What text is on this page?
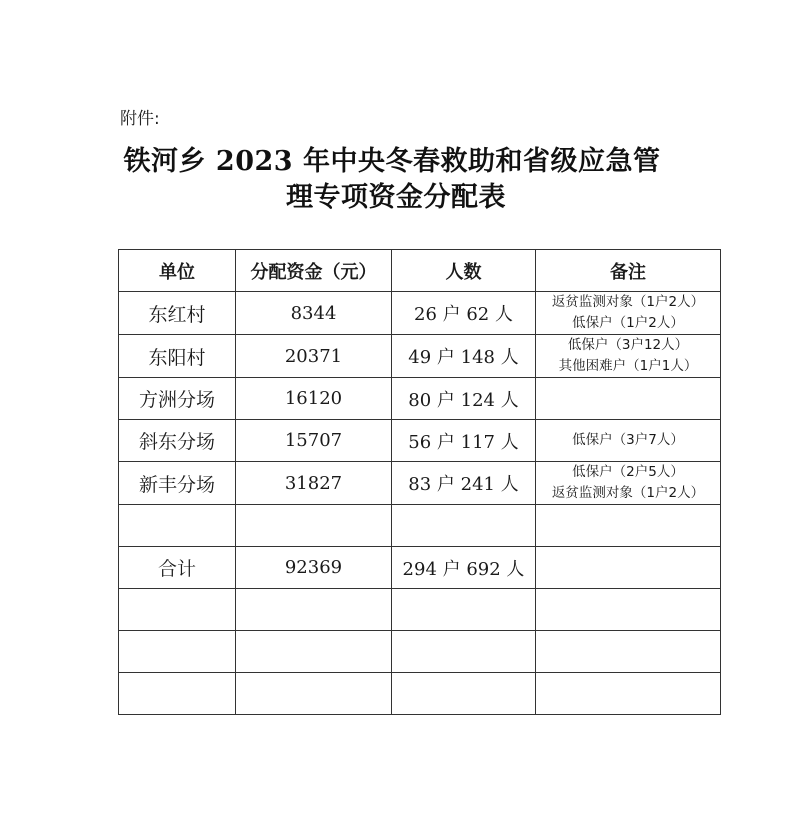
附件:
铁河乡 2023 年中央冬春救助和省级应急管
理专项资金分配表
单位	分配资金（元）	人数	备注
东红村	8344	26 户 62 人	返贫监测对象（1户2人）
低保户（1户2人）

东阳村	20371	49 户 148 人	低保户（3户12人）
其他困难户（1户1人）

方洲分场	16120	80 户 124 人	
斜东分场	15707	56 户 117 人	低保户（3户7人）

新丰分场	31827	83 户 241 人	低保户（2户5人）
返贫监测对象（1户2人）

合计	92369	294 户 692 人	
